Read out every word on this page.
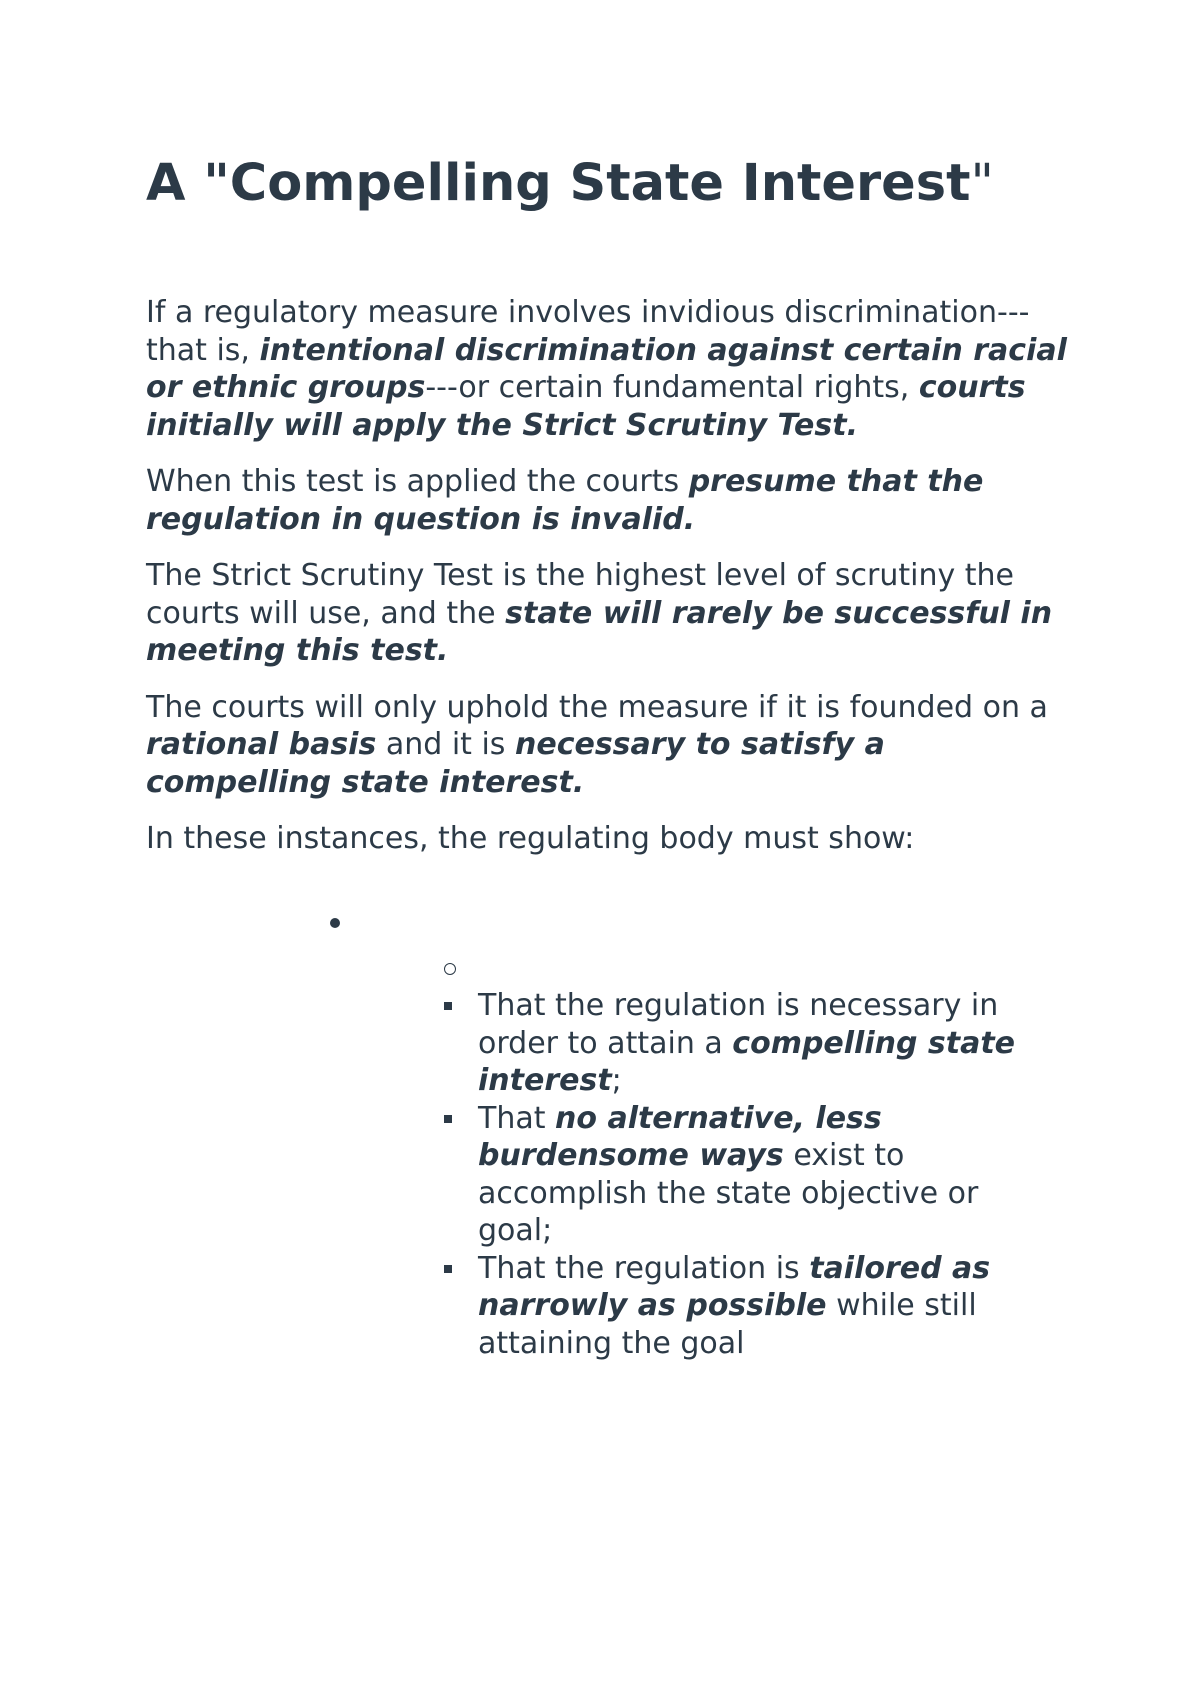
A "Compelling State Interest"

If a regulatory measure involves invidious discrimination---that is, intentional discrimination against certain racial or ethnic groups---or certain fundamental rights, courts initially will apply the Strict Scrutiny Test.

When this test is applied the courts presume that the regulation in question is invalid.

The Strict Scrutiny Test is the highest level of scrutiny the courts will use, and the state will rarely be successful in meeting this test.

The courts will only uphold the measure if it is founded on a rational basis and it is necessary to satisfy a compelling state interest.

In these instances, the regulating body must show:

That the regulation is necessary in order to attain a compelling state interest;
That no alternative, less burdensome ways exist to accomplish the state objective or goal;
That the regulation is tailored as narrowly as possible while still attaining the goal
